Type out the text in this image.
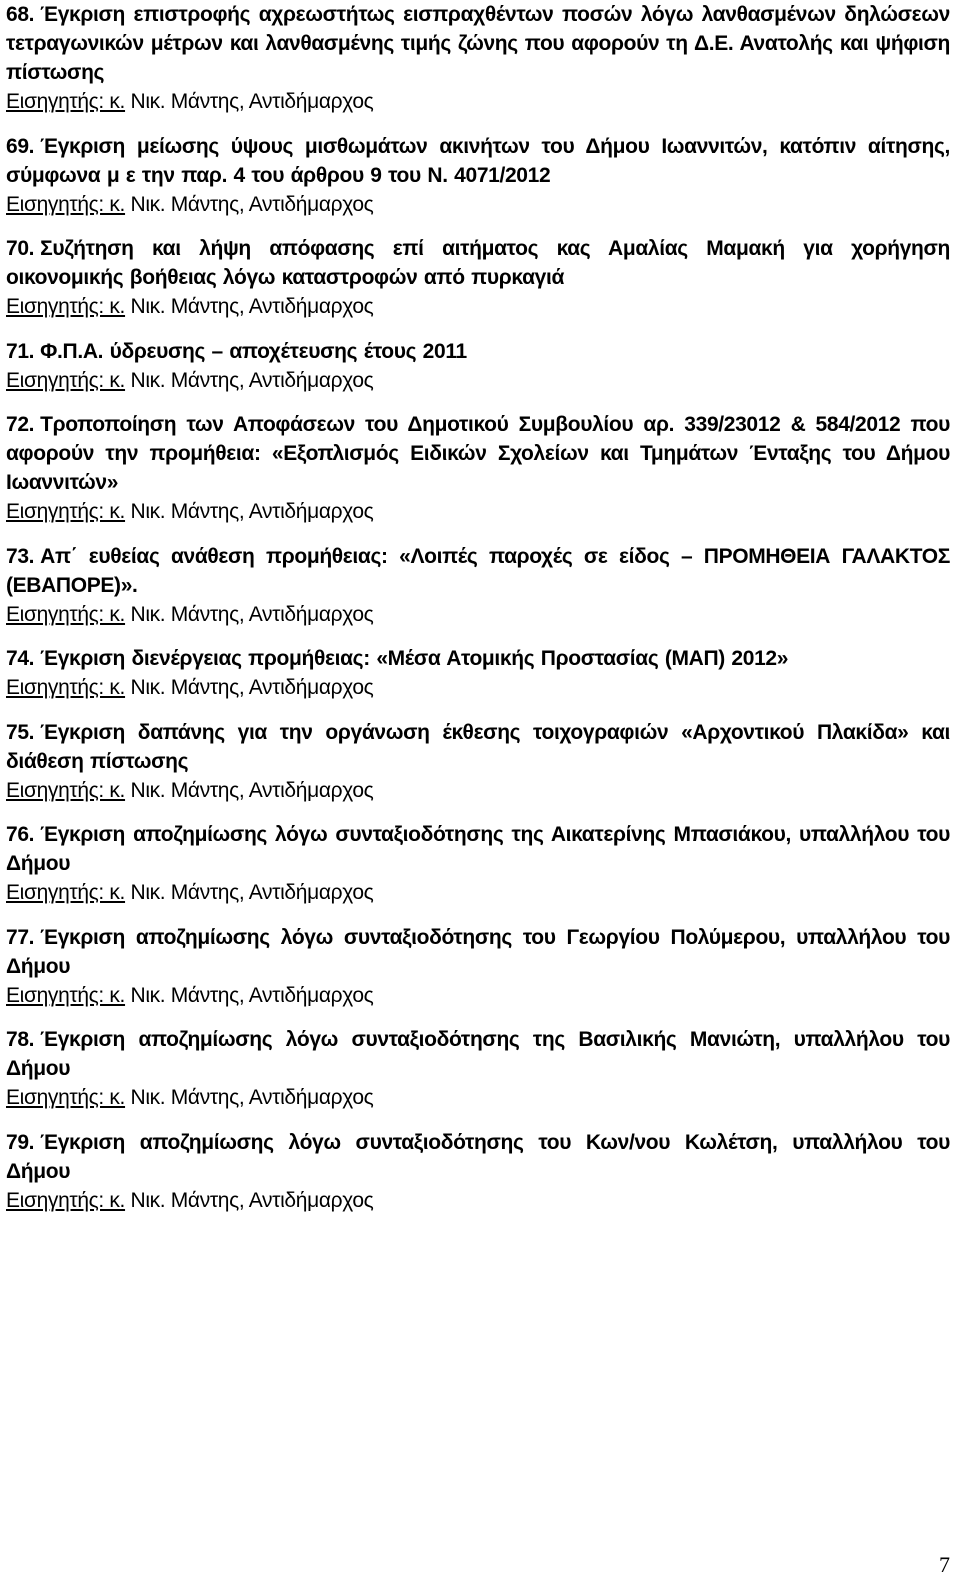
68. Έγκριση επιστροφής αχρεωστήτως εισπραχθέντων ποσών λόγω λανθασμένων δηλώσεων τετραγωνικών μέτρων και λανθασμένης τιμής ζώνης που αφορούν τη Δ.Ε. Ανατολής και ψήφιση πίστωσης
Εισηγητής: κ. Νικ. Μάντης, Αντιδήμαρχος
69. Έγκριση μείωσης ύψους μισθωμάτων ακινήτων του Δήμου Ιωαννιτών, κατόπιν αίτησης, σύμφωνα μ ε την παρ. 4 του άρθρου 9 του Ν. 4071/2012
Εισηγητής: κ. Νικ. Μάντης, Αντιδήμαρχος
70. Συζήτηση και λήψη απόφασης επί αιτήματος κας Αμαλίας Μαμακή για χορήγηση οικονομικής βοήθειας λόγω καταστροφών από πυρκαγιά
Εισηγητής: κ. Νικ. Μάντης, Αντιδήμαρχος
71. Φ.Π.Α. ύδρευσης – αποχέτευσης έτους 2011
Εισηγητής: κ. Νικ. Μάντης, Αντιδήμαρχος
72. Τροποποίηση των Αποφάσεων του Δημοτικού Συμβουλίου αρ. 339/23012 & 584/2012 που αφορούν την προμήθεια: «Εξοπλισμός Ειδικών Σχολείων και Τμημάτων Ένταξης του Δήμου Ιωαννιτών»
Εισηγητής: κ. Νικ. Μάντης, Αντιδήμαρχος
73. Απ΄ ευθείας ανάθεση προμήθειας: «Λοιπές παροχές σε είδος – ΠΡΟΜΗΘΕΙΑ ΓΑΛΑΚΤΟΣ (ΕΒΑΠΟΡΕ)».
Εισηγητής: κ. Νικ. Μάντης, Αντιδήμαρχος
74. Έγκριση διενέργειας προμήθειας: «Μέσα Ατομικής Προστασίας (ΜΑΠ) 2012»
Εισηγητής: κ. Νικ. Μάντης, Αντιδήμαρχος
75. Έγκριση δαπάνης για την οργάνωση έκθεσης τοιχογραφιών «Αρχοντικού Πλακίδα» και διάθεση πίστωσης
Εισηγητής: κ. Νικ. Μάντης, Αντιδήμαρχος
76. Έγκριση αποζημίωσης λόγω συνταξιοδότησης της Αικατερίνης Μπασιάκου, υπαλλήλου του Δήμου
Εισηγητής: κ. Νικ. Μάντης, Αντιδήμαρχος
77. Έγκριση αποζημίωσης λόγω συνταξιοδότησης του Γεωργίου Πολύμερου, υπαλλήλου του Δήμου
Εισηγητής: κ. Νικ. Μάντης, Αντιδήμαρχος
78. Έγκριση αποζημίωσης λόγω συνταξιοδότησης της Βασιλικής Μανιώτη, υπαλλήλου του Δήμου
Εισηγητής: κ. Νικ. Μάντης, Αντιδήμαρχος
79. Έγκριση αποζημίωσης λόγω συνταξιοδότησης του Κων/νου Κωλέτση, υπαλλήλου του Δήμου
Εισηγητής: κ. Νικ. Μάντης, Αντιδήμαρχος
7
